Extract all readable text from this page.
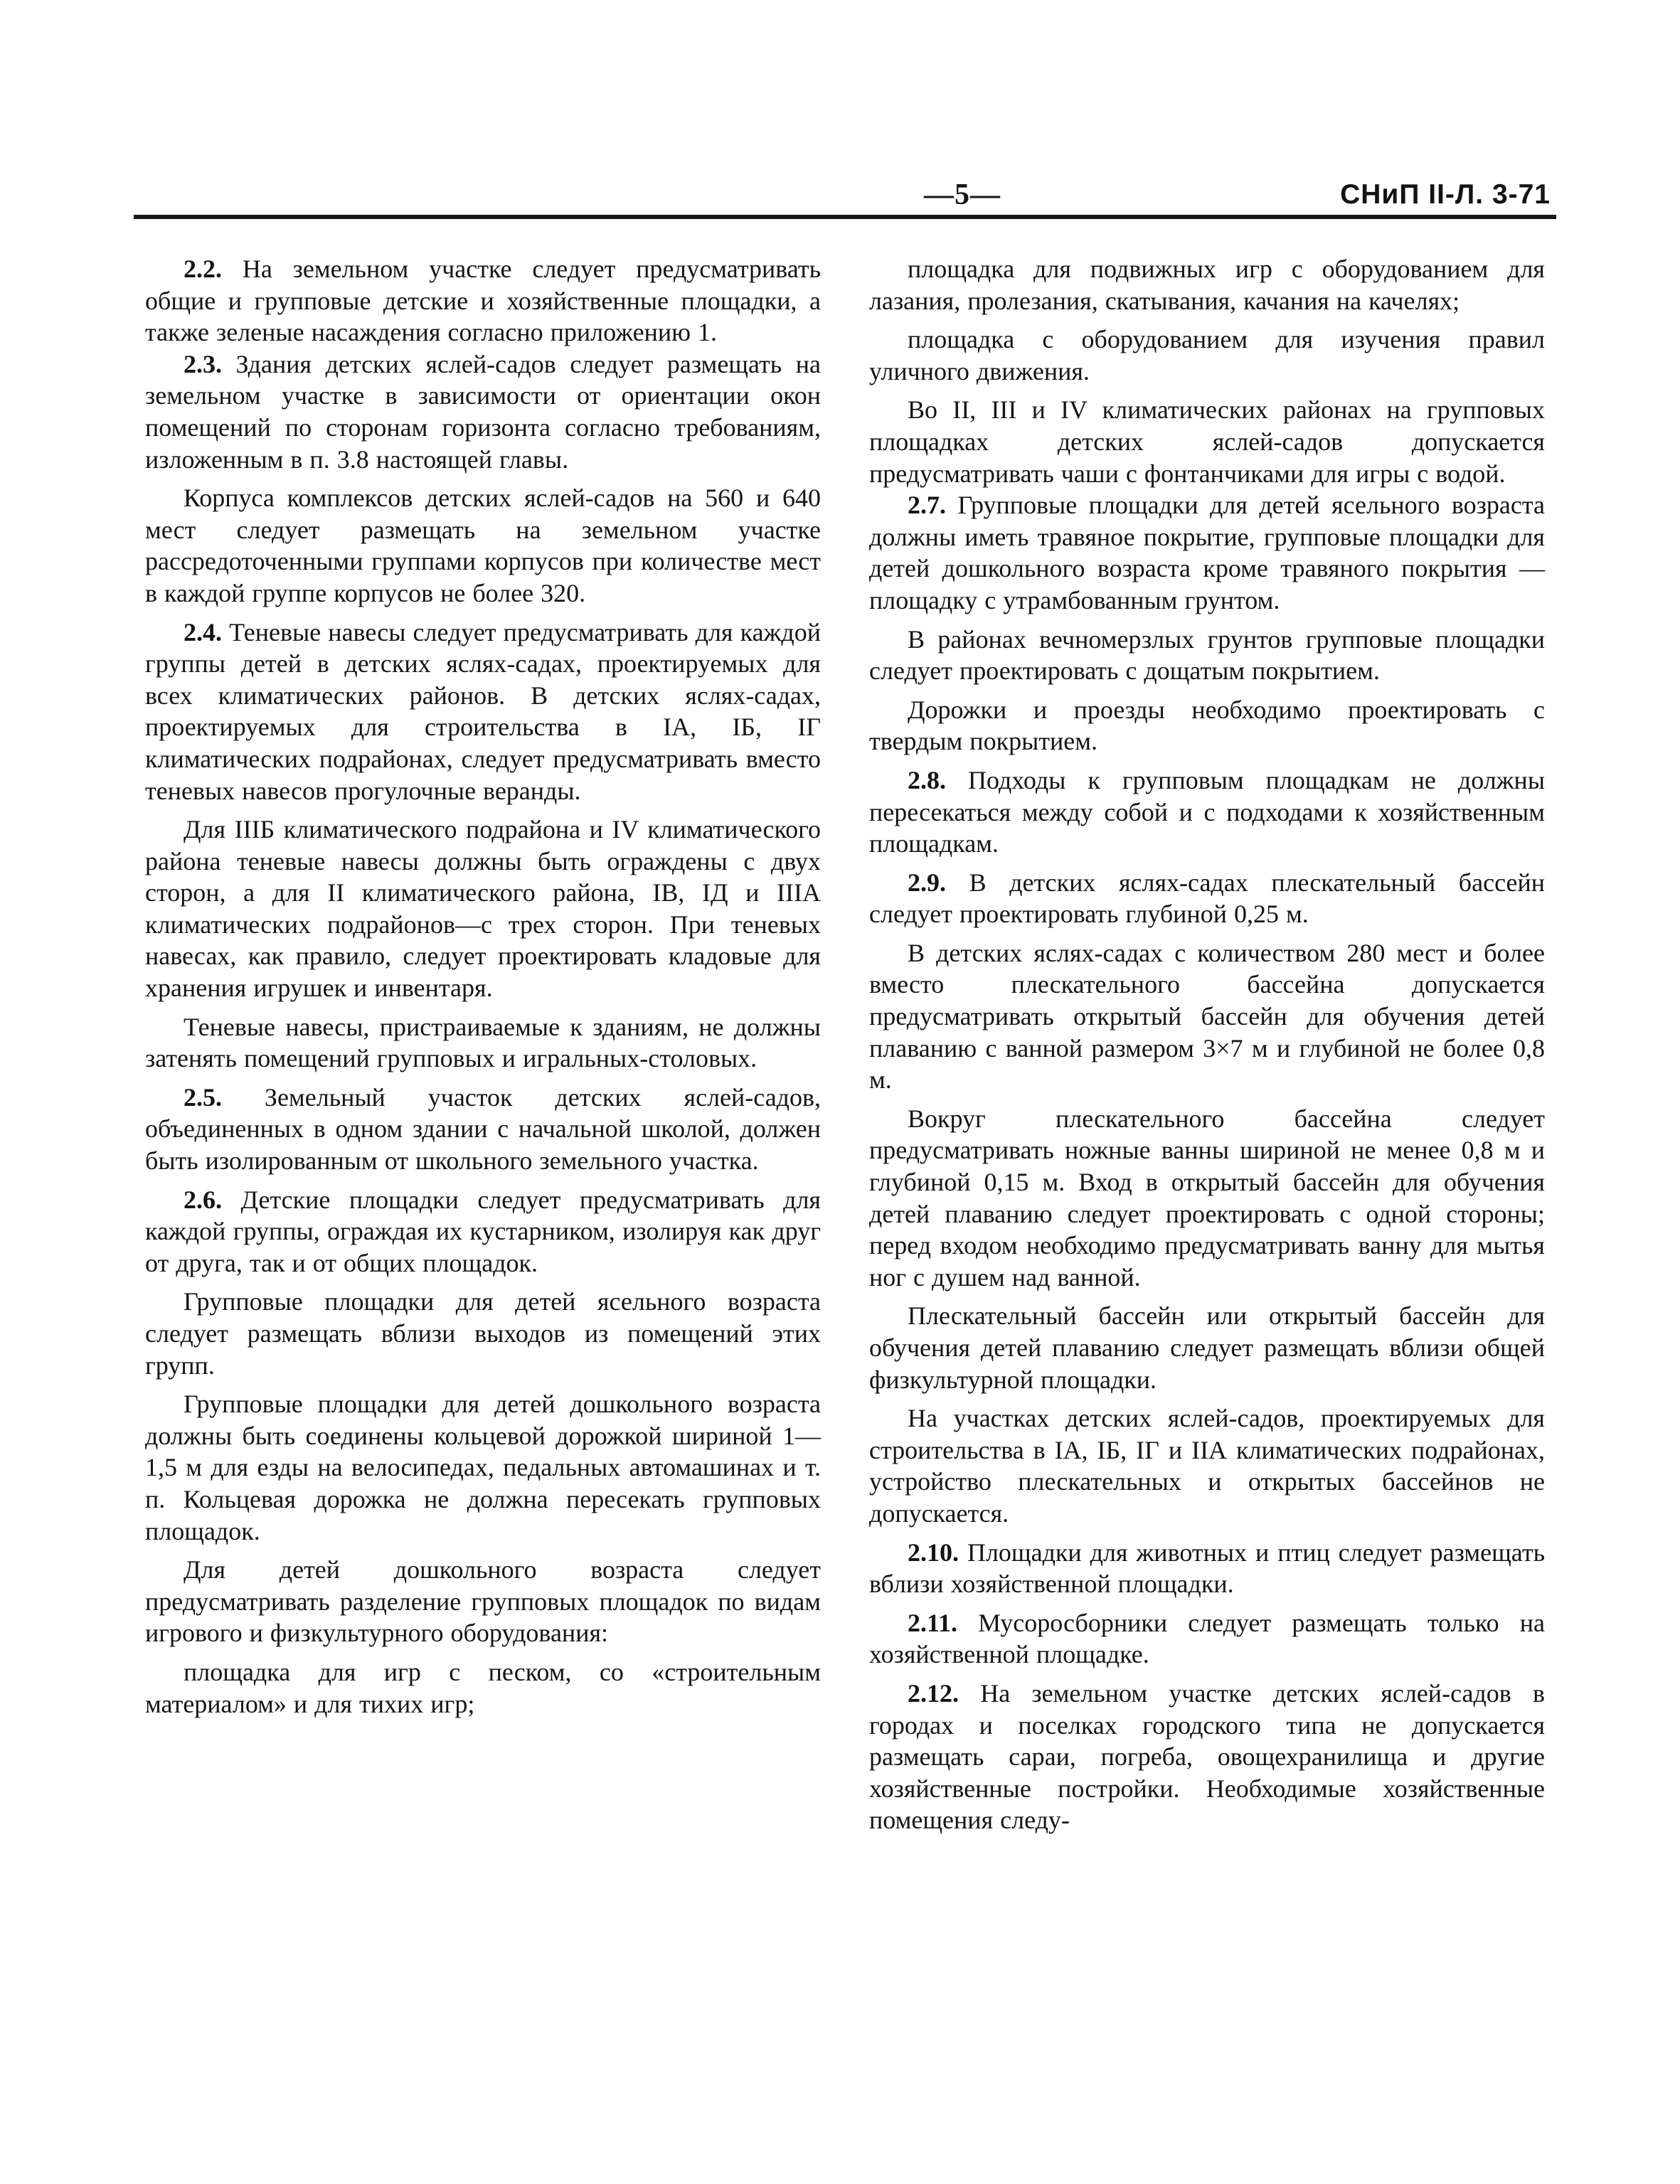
—5—	СНиП II-Л. 3-71

2.2. На земельном участке следует предусматривать общие и групповые детские и хозяйственные площадки, а также зеленые насаждения согласно приложению 1.

2.3. Здания детских яслей-садов следует размещать на земельном участке в зависимости от ориентации окон помещений по сторонам горизонта согласно требованиям, изложенным в п. 3.8 настоящей главы.

Корпуса комплексов детских яслей-садов на 560 и 640 мест следует размещать на земельном участке рассредоточенными группами корпусов при количестве мест в каждой группе корпусов не более 320.

2.4. Теневые навесы следует предусматривать для каждой группы детей в детских яслях-садах, проектируемых для всех климатических районов. В детских яслях-садах, проектируемых для строительства в IА, IБ, IГ климатических подрайонах, следует предусматривать вместо теневых навесов прогулочные веранды.

Для IIIБ климатического подрайона и IV климатического района теневые навесы должны быть ограждены с двух сторон, а для II климатического района, IВ, IД и IIIА климатических подрайонов—с трех сторон. При теневых навесах, как правило, следует проектировать кладовые для хранения игрушек и инвентаря.

Теневые навесы, пристраиваемые к зданиям, не должны затенять помещений групповых и игральных-столовых.

2.5. Земельный участок детских яслей-садов, объединенных в одном здании с начальной школой, должен быть изолированным от школьного земельного участка.

2.6. Детские площадки следует предусматривать для каждой группы, ограждая их кустарником, изолируя как друг от друга, так и от общих площадок.

Групповые площадки для детей ясельного возраста следует размещать вблизи выходов из помещений этих групп.

Групповые площадки для детей дошкольного возраста должны быть соединены кольцевой дорожкой шириной 1—1,5 м для езды на велосипедах, педальных автомашинах и т. п. Кольцевая дорожка не должна пересекать групповых площадок.

Для детей дошкольного возраста следует предусматривать разделение групповых площадок по видам игрового и физкультурного оборудования:

площадка для игр с песком, со «строительным материалом» и для тихих игр;

площадка для подвижных игр с оборудованием для лазания, пролезания, скатывания, качания на качелях;

площадка с оборудованием для изучения правил уличного движения.

Во II, III и IV климатических районах на групповых площадках детских яслей-садов допускается предусматривать чаши с фонтанчиками для игры с водой.

2.7. Групповые площадки для детей ясельного возраста должны иметь травяное покрытие, групповые площадки для детей дошкольного возраста кроме травяного покрытия — площадку с утрамбованным грунтом.

В районах вечномерзлых грунтов групповые площадки следует проектировать с дощатым покрытием.

Дорожки и проезды необходимо проектировать с твердым покрытием.

2.8. Подходы к групповым площадкам не должны пересекаться между собой и с подходами к хозяйственным площадкам.

2.9. В детских яслях-садах плескательный бассейн следует проектировать глубиной 0,25 м.

В детских яслях-садах с количеством 280 мест и более вместо плескательного бассейна допускается предусматривать открытый бассейн для обучения детей плаванию с ванной размером 3×7 м и глубиной не более 0,8 м.

Вокруг плескательного бассейна следует предусматривать ножные ванны шириной не менее 0,8 м и глубиной 0,15 м. Вход в открытый бассейн для обучения детей плаванию следует проектировать с одной стороны; перед входом необходимо предусматривать ванну для мытья ног с душем над ванной.

Плескательный бассейн или открытый бассейн для обучения детей плаванию следует размещать вблизи общей физкультурной площадки.

На участках детских яслей-садов, проектируемых для строительства в IА, IБ, IГ и IIА климатических подрайонах, устройство плескательных и открытых бассейнов не допускается.

2.10. Площадки для животных и птиц следует размещать вблизи хозяйственной площадки.

2.11. Мусоросборники следует размещать только на хозяйственной площадке.

2.12. На земельном участке детских яслей-садов в городах и поселках городского типа не допускается размещать сараи, погреба, овощехранилища и другие хозяйственные постройки. Необходимые хозяйственные помещения следу-
